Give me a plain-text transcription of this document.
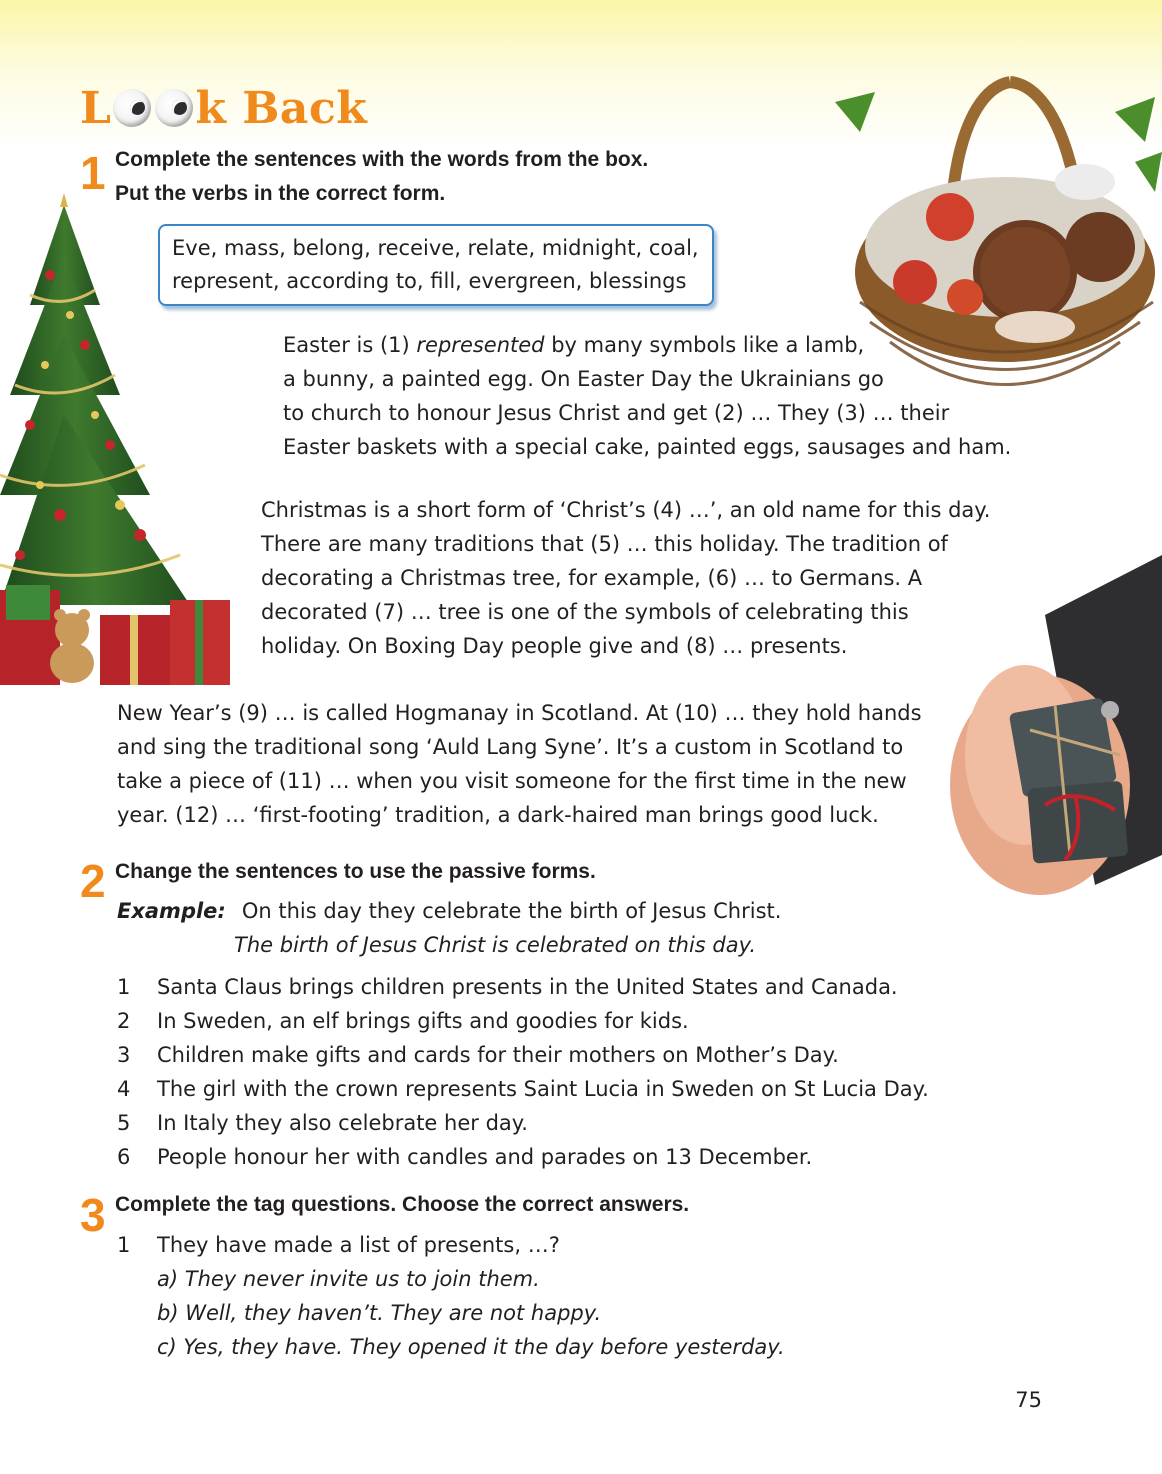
L k Back
1 Complete the sentences with the words from the box.
Put the verbs in the correct form.
Eve, mass, belong, receive, relate, midnight, coal,
represent, according to, fill, evergreen, blessings
Easter is (1) represented by many symbols like a lamb,
a bunny, a painted egg. On Easter Day the Ukrainians go
to church to honour Jesus Christ and get (2) … They (3) … their
Easter baskets with a special cake, painted eggs, sausages and ham.
Christmas is a short form of ‘Christ’s (4) …’, an old name for this day.
There are many traditions that (5) … this holiday. The tradition of
decorating a Christmas tree, for example, (6) … to Germans. A
decorated (7) … tree is one of the symbols of celebrating this
holiday. On Boxing Day people give and (8) … presents.
New Year’s (9) … is called Hogmanay in Scotland. At (10) … they hold hands
and sing the traditional song ‘Auld Lang Syne’. It’s a custom in Scotland to
take a piece of (11) … when you visit someone for the first time in the new
year. (12) … ‘first-footing’ tradition, a dark-haired man brings good luck.
2 Change the sentences to use the passive forms.
Example: On this day they celebrate the birth of Jesus Christ.
The birth of Jesus Christ is celebrated on this day.
1	Santa Claus brings children presents in the United States and Canada.
2	In Sweden, an elf brings gifts and goodies for kids.
3	Children make gifts and cards for their mothers on Mother’s Day.
4	The girl with the crown represents Saint Lucia in Sweden on St Lucia Day.
5	In Italy they also celebrate her day.
6	People honour her with candles and parades on 13 December.
3 Complete the tag questions. Choose the correct answers.
1	They have made a list of presents, …?
a) They never invite us to join them.
b) Well, they haven’t. They are not happy.
c) Yes, they have. They opened it the day before yesterday.
75
